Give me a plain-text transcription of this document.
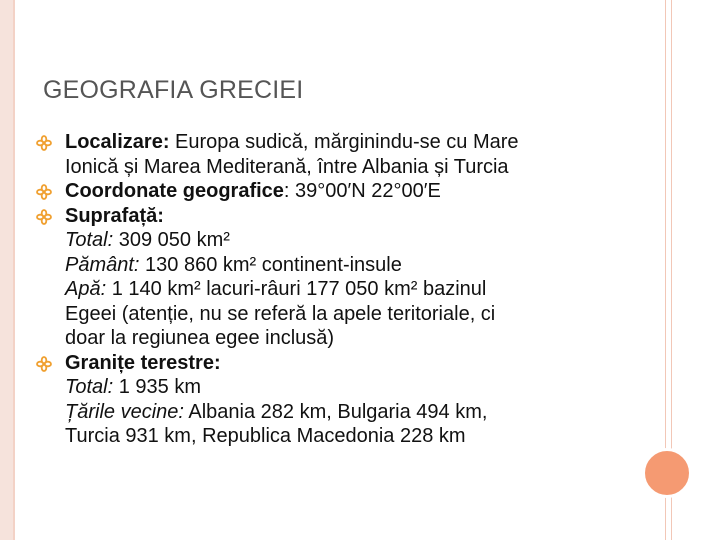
GEOGRAFIA GRECIEI
Localizare: Europa sudică, mărginindu-se cu Mare
Ionică și Marea Mediterană, între Albania și Turcia
Coordonate geografice: 39°00′N 22°00′E
Suprafață:
Total: 309 050 km²
Pământ: 130 860 km² continent-insule
Apă: 1 140 km² lacuri-râuri 177 050 km² bazinul
Egeei (atenție, nu se referă la apele teritoriale, ci
doar la regiunea egee inclusă)
Granițe terestre:
Total: 1 935 km
Țările vecine: Albania 282 km, Bulgaria 494 km,
Turcia 931 km, Republica Macedonia 228 km
